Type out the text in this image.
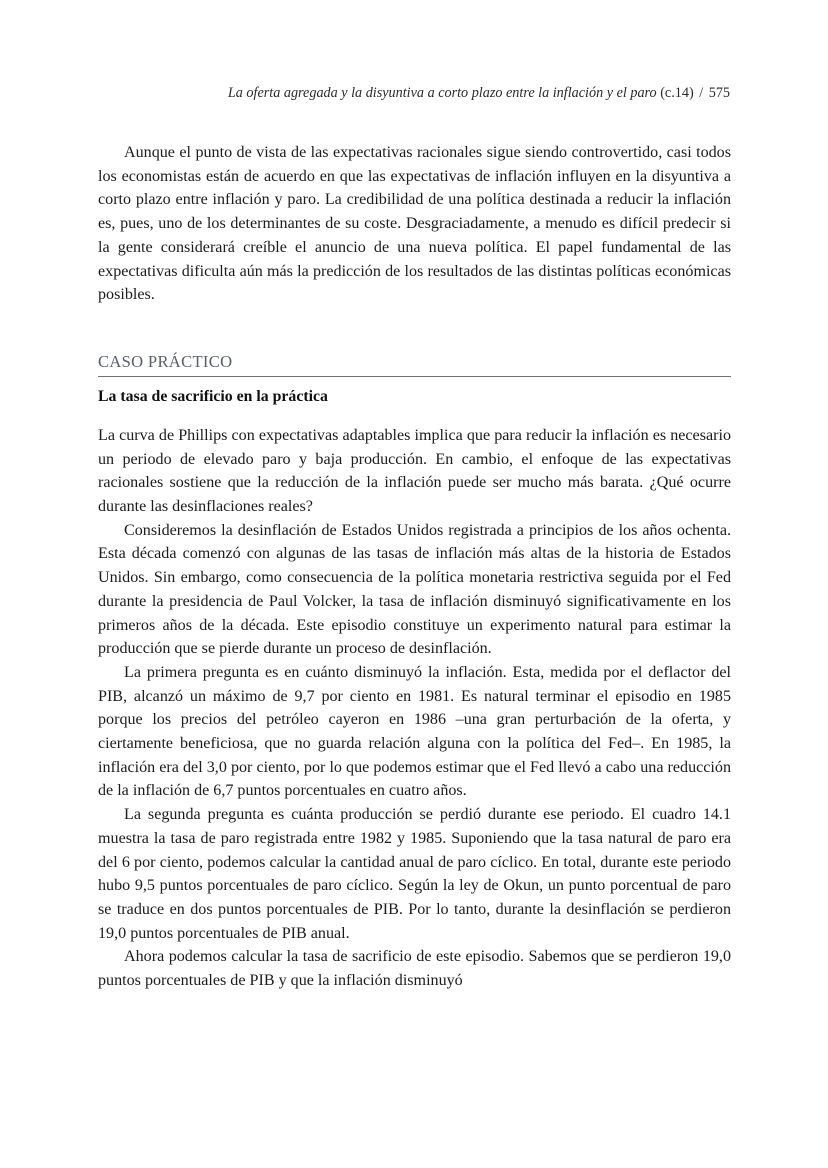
La oferta agregada y la disyuntiva a corto plazo entre la inflación y el paro (c.14) / 575

Aunque el punto de vista de las expectativas racionales sigue siendo controvertido, casi todos los economistas están de acuerdo en que las expectativas de inflación influyen en la disyuntiva a corto plazo entre inflación y paro. La credibilidad de una política destinada a reducir la inflación es, pues, uno de los determinantes de su coste. Desgraciadamente, a menudo es difícil predecir si la gente considerará creíble el anuncio de una nueva política. El papel fundamental de las expectativas dificulta aún más la predicción de los resultados de las distintas políticas económicas posibles.

CASO PRÁCTICO
La tasa de sacrificio en la práctica

La curva de Phillips con expectativas adaptables implica que para reducir la inflación es necesario un periodo de elevado paro y baja producción. En cambio, el enfoque de las expectativas racionales sostiene que la reducción de la inflación puede ser mucho más barata. ¿Qué ocurre durante las desinflaciones reales?

Consideremos la desinflación de Estados Unidos registrada a principios de los años ochenta. Esta década comenzó con algunas de las tasas de inflación más altas de la historia de Estados Unidos. Sin embargo, como consecuencia de la política monetaria restrictiva seguida por el Fed durante la presidencia de Paul Volcker, la tasa de inflación disminuyó significativamente en los primeros años de la década. Este episodio constituye un experimento natural para estimar la producción que se pierde durante un proceso de desinflación.

La primera pregunta es en cuánto disminuyó la inflación. Esta, medida por el deflactor del PIB, alcanzó un máximo de 9,7 por ciento en 1981. Es natural terminar el episodio en 1985 porque los precios del petróleo cayeron en 1986 –una gran perturbación de la oferta, y ciertamente beneficiosa, que no guarda relación alguna con la política del Fed–. En 1985, la inflación era del 3,0 por ciento, por lo que podemos estimar que el Fed llevó a cabo una reducción de la inflación de 6,7 puntos porcentuales en cuatro años.

La segunda pregunta es cuánta producción se perdió durante ese periodo. El cuadro 14.1 muestra la tasa de paro registrada entre 1982 y 1985. Suponiendo que la tasa natural de paro era del 6 por ciento, podemos calcular la cantidad anual de paro cíclico. En total, durante este periodo hubo 9,5 puntos porcentuales de paro cíclico. Según la ley de Okun, un punto porcentual de paro se traduce en dos puntos porcentuales de PIB. Por lo tanto, durante la desinflación se perdieron 19,0 puntos porcentuales de PIB anual.

Ahora podemos calcular la tasa de sacrificio de este episodio. Sabemos que se perdieron 19,0 puntos porcentuales de PIB y que la inflación disminuyó
